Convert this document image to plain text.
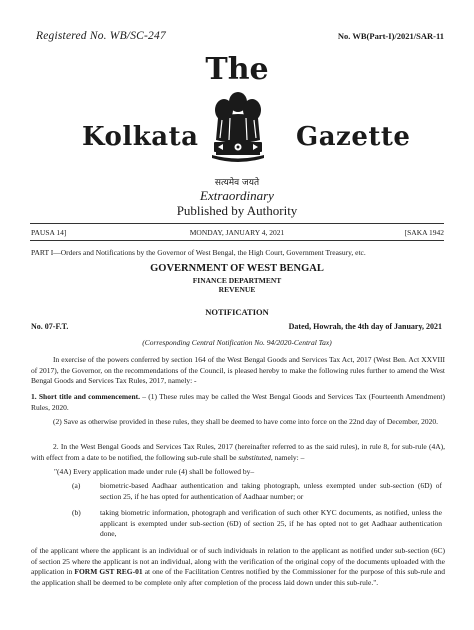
Registered No. WB/SC-247	No. WB(Part-I)/2021/SAR-11
The
Kolkata	Gazette
सत्यमेव जयते
Extraordinary
Published by Authority
PAUSA 14]	MONDAY, JANUARY 4, 2021	[SAKA 1942
PART I—Orders and Notifications by the Governor of West Bengal, the High Court, Government Treasury, etc.
GOVERNMENT OF WEST BENGAL
FINANCE DEPARTMENT
REVENUE
NOTIFICATION
No. 07-F.T.	Dated, Howrah, the 4th day of January, 2021
(Corresponding Central Notification No. 94/2020-Central Tax)
In exercise of the powers conferred by section 164 of the West Bengal Goods and Services Tax Act, 2017 (West Ben. Act XXVIII of 2017), the Governor, on the recommendations of the Council, is pleased hereby to make the following rules further to amend the West Bengal Goods and Services Tax Rules, 2017, namely: -
1. Short title and commencement. – (1) These rules may be called the West Bengal Goods and Services Tax (Fourteenth Amendment) Rules, 2020.
(2) Save as otherwise provided in these rules, they shall be deemed to have come into force on the 22nd day of December, 2020.
2. In the West Bengal Goods and Services Tax Rules, 2017 (hereinafter referred to as the said rules), in rule 8, for sub-rule (4A), with effect from a date to be notified, the following sub-rule shall be substituted, namely: –
"(4A) Every application made under rule (4) shall be followed by–
(a)	biometric-based Aadhaar authentication and taking photograph, unless exempted under sub-section (6D) of section 25, if he has opted for authentication of Aadhaar number; or
(b)	taking biometric information, photograph and verification of such other KYC documents, as notified, unless the applicant is exempted under sub-section (6D) of section 25, if he has opted not to get Aadhaar authentication done,
of the applicant where the applicant is an individual or of such individuals in relation to the applicant as notified under sub-section (6C) of section 25 where the applicant is not an individual, along with the verification of the original copy of the documents uploaded with the application in FORM GST REG-01 at one of the Facilitation Centres notified by the Commissioner for the purpose of this sub-rule and the application shall be deemed to be complete only after completion of the process laid down under this sub-rule.".
